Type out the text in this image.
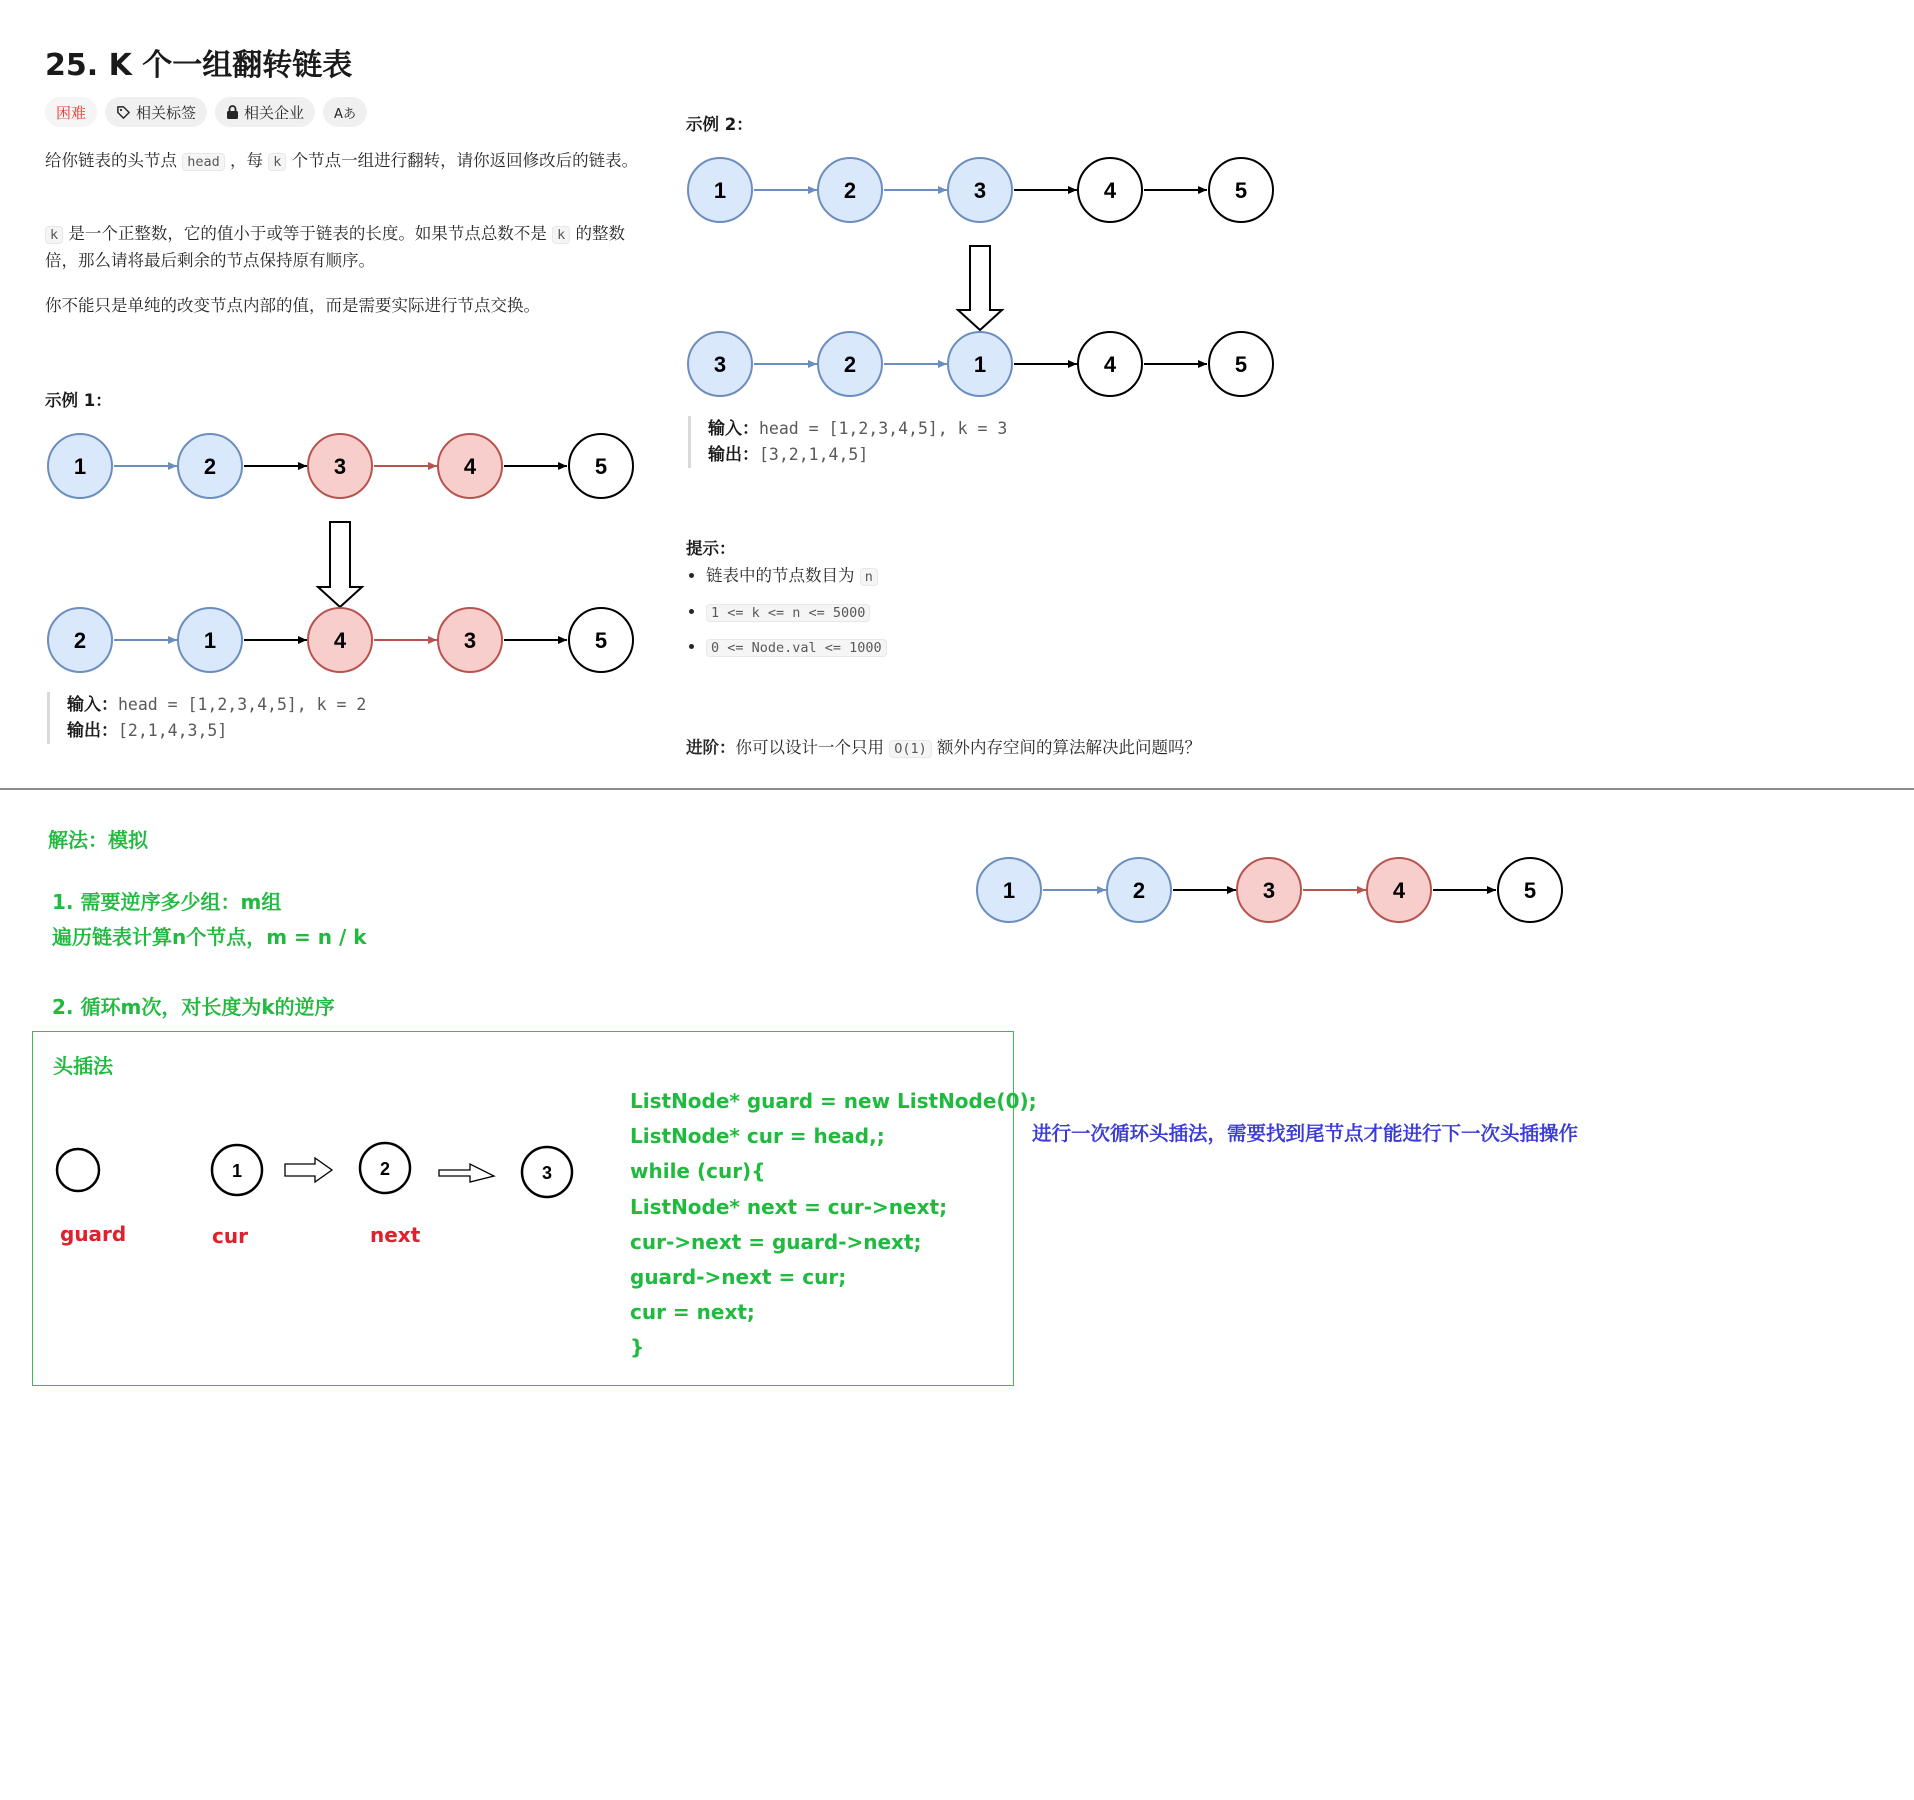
25. K 个一组翻转链表
困难	相关标签	相关企业 Aあ
给你链表的头节点 head ，每 k 个节点一组进行翻转，请你返回修改后的链表。
k 是一个正整数，它的值小于或等于链表的长度。如果节点总数不是 k 的整数倍，那么请将最后剩余的节点保持原有顺序。
你不能只是单纯的改变节点内部的值，而是需要实际进行节点交换。
示例 1：
1	2	3	4	5
2	1	4	3	5
输入：head = [1,2,3,4,5], k = 2
输出：[2,1,4,3,5]
示例 2：
1	2	3	4	5
3	2	1	4	5
输入：head = [1,2,3,4,5], k = 3
输出：[3,2,1,4,5]
提示：
• 链表中的节点数目为 n
• 1 <= k <= n <= 5000
• 0 <= Node.val <= 1000
进阶：你可以设计一个只用 O(1) 额外内存空间的算法解决此问题吗？
解法：模拟
1. 需要逆序多少组：m组
遍历链表计算n个节点，m = n / k
2. 循环m次，对长度为k的逆序
头插法
1	2	3
guard	cur	next
ListNode* guard = new ListNode(0);
ListNode* cur = head,;
while (cur){
ListNode* next = cur->next;
cur->next = guard->next;
guard->next = cur;
cur = next;
}
进行一次循环头插法，需要找到尾节点才能进行下一次头插操作
1	2	3	4	5
